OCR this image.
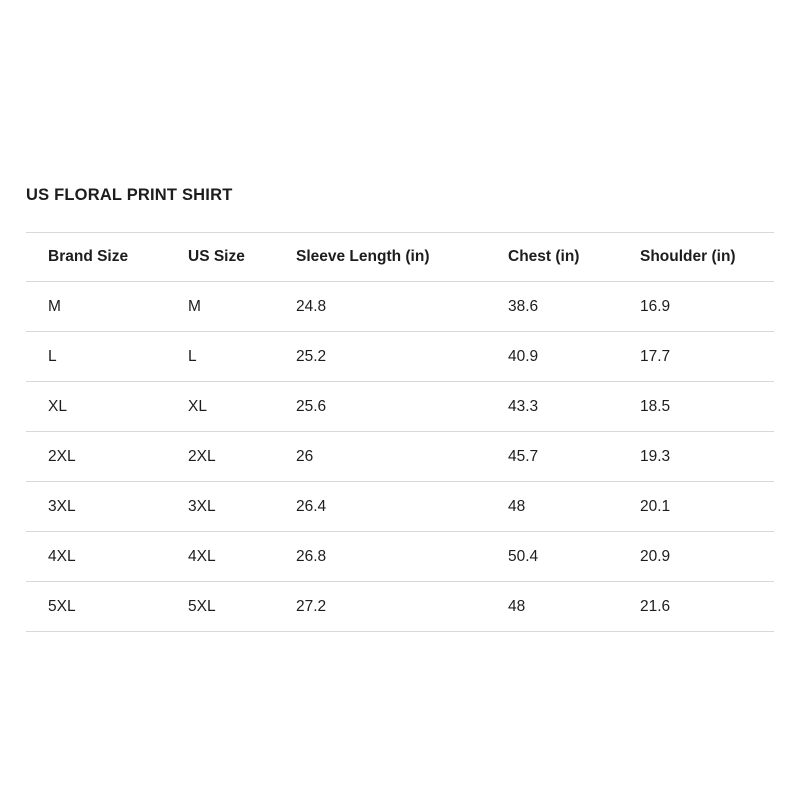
US FLORAL PRINT SHIRT
Brand Size	US Size	Sleeve Length (in)	Chest (in)	Shoulder (in)
M	M	24.8	38.6	16.9
L	L	25.2	40.9	17.7
XL	XL	25.6	43.3	18.5
2XL	2XL	26	45.7	19.3
3XL	3XL	26.4	48	20.1
4XL	4XL	26.8	50.4	20.9
5XL	5XL	27.2	48	21.6
